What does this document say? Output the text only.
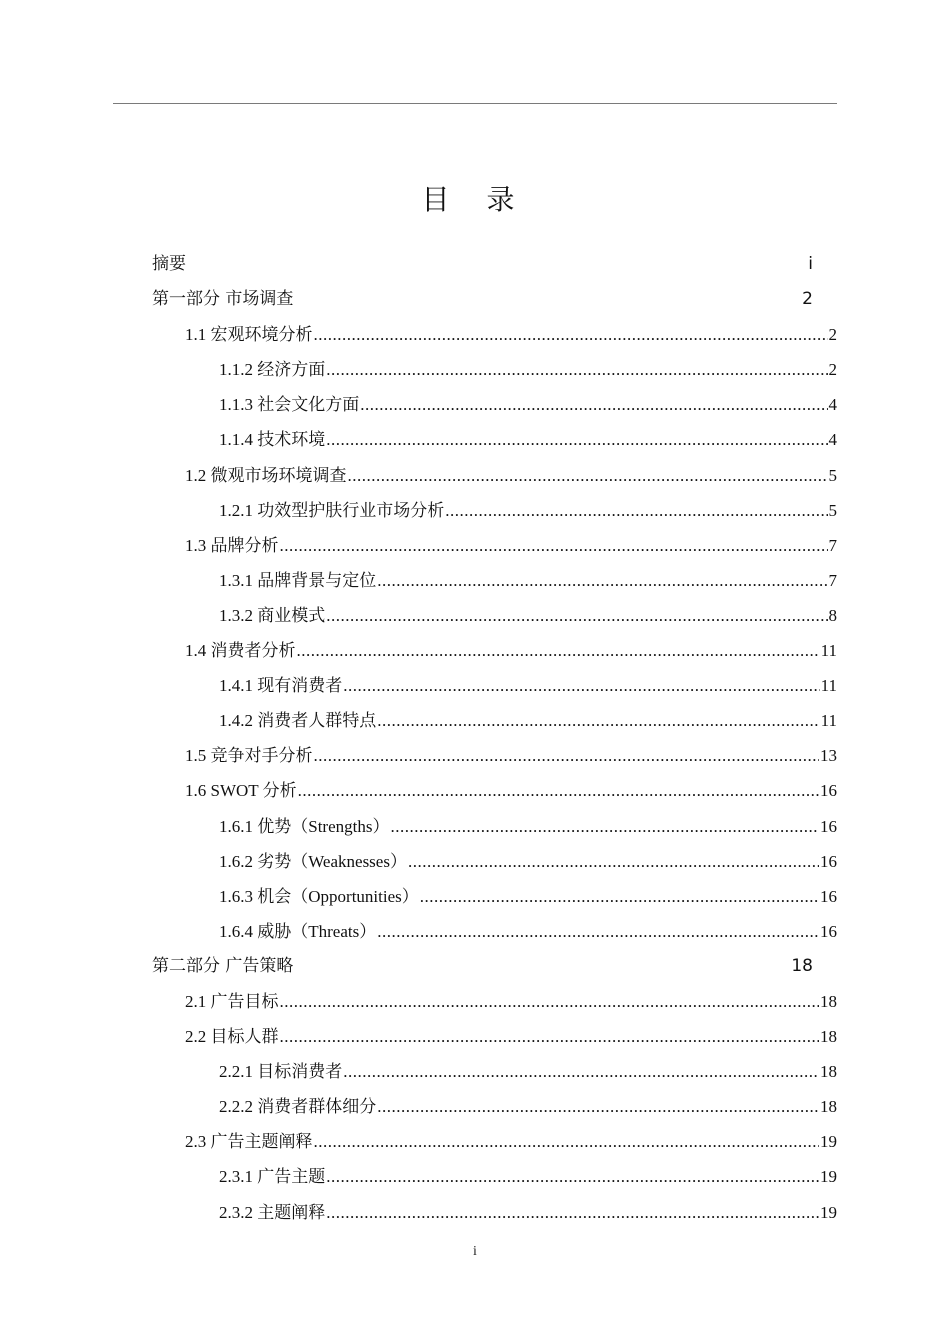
目 录
摘要	i
第一部分 市场调查	2
1.1 宏观环境分析 .....	2
1.1.2 经济方面 .....	2
1.1.3 社会文化方面 .....	4
1.1.4 技术环境 .....	4
1.2 微观市场环境调查 .....	5
1.2.1 功效型护肤行业市场分析 .....	5
1.3 品牌分析 .....	7
1.3.1 品牌背景与定位 .....	7
1.3.2 商业模式 .....	8
1.4 消费者分析 .....	11
1.4.1 现有消费者 .....	11
1.4.2 消费者人群特点 .....	11
1.5 竞争对手分析 .....	13
1.6 SWOT 分析 .....	16
1.6.1 优势（Strengths） .....	16
1.6.2 劣势（Weaknesses） .....	16
1.6.3 机会（Opportunities） .....	16
1.6.4 威胁（Threats） .....	16
第二部分 广告策略	18
2.1 广告目标 .....	18
2.2 目标人群 .....	18
2.2.1 目标消费者 .....	18
2.2.2 消费者群体细分 .....	18
2.3 广告主题阐释 .....	19
2.3.1 广告主题 .....	19
2.3.2 主题阐释 .....	19
i
